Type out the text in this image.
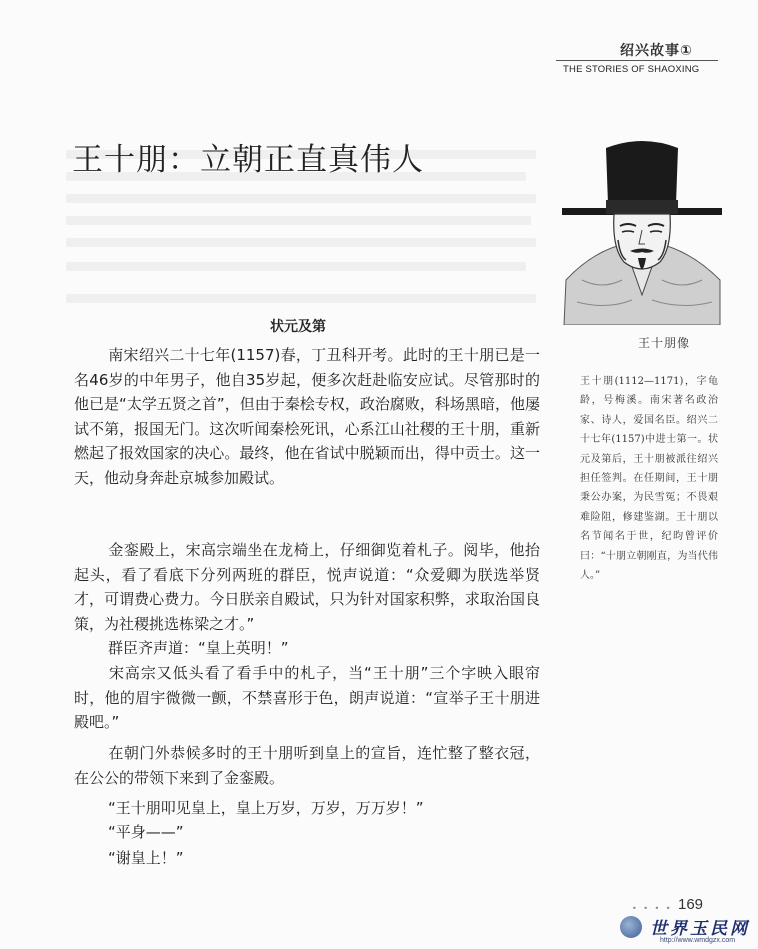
绍兴故事①
THE STORIES OF SHAOXING
王十朋：立朝正直真伟人
王十朋像
王十朋(1112—1171)，字龟龄，号梅溪。南宋著名政治家、诗人，爱国名臣。绍兴二十七年(1157)中进士第一。状元及第后，王十朋被派往绍兴担任签判。在任期间，王十朋秉公办案，为民雪冤；不畏艰难险阻，修建鉴湖。王十朋以名节闻名于世，纪昀曾评价曰：“十朋立朝刚直，为当代伟人。”
状元及第

南宋绍兴二十七年(1157)春，丁丑科开考。此时的王十朋已是一名46岁的中年男子，他自35岁起，便多次赶赴临安应试。尽管那时的他已是“太学五贤之首”，但由于秦桧专权，政治腐败，科场黑暗，他屡试不第，报国无门。这次听闻秦桧死讯，心系江山社稷的王十朋，重新燃起了报效国家的决心。最终，他在省试中脱颖而出，得中贡士。这一天，他动身奔赴京城参加殿试。

金銮殿上，宋高宗端坐在龙椅上，仔细御览着札子。阅毕，他抬起头，看了看底下分列两班的群臣，悦声说道：“众爱卿为朕选举贤才，可谓费心费力。今日朕亲自殿试，只为针对国家积弊，求取治国良策，为社稷挑选栋梁之才。”

群臣齐声道：“皇上英明！”

宋高宗又低头看了看手中的札子，当“王十朋”三个字映入眼帘时，他的眉宇微微一颤，不禁喜形于色，朗声说道：“宣举子王十朋进殿吧。”

在朝门外恭候多时的王十朋听到皇上的宣旨，连忙整了整衣冠，在公公的带领下来到了金銮殿。

“王十朋叩见皇上，皇上万岁，万岁，万万岁！”

“平身——”

“谢皇上！”

• • • • 169
世界玉民网
http://www.wmdgzx.com
